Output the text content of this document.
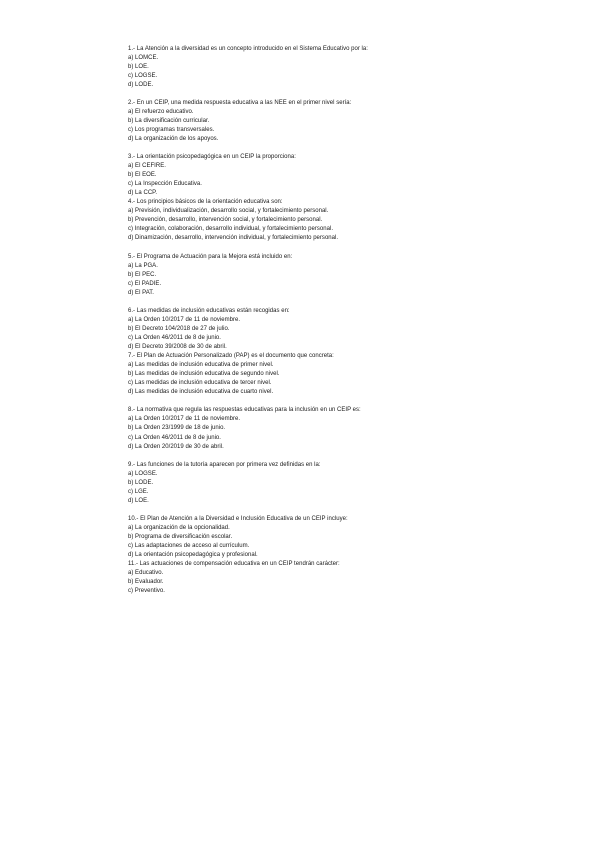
1.- La Atención a la diversidad es un concepto introducido en el Sistema Educativo por la:
a) LOMCE.
b) LOE.
c) LOGSE.
d) LODE.
2.- En un CEIP, una medida respuesta educativa a las NEE en el primer nivel sería:
a) El refuerzo educativo.
b) La diversificación curricular.
c) Los programas transversales.
d) La organización de los apoyos.
3.- La orientación psicopedagógica en un CEIP la proporciona:
a) El CEFIRE.
b) El EOE.
c) La Inspección Educativa.
d) La CCP.
4.- Los principios básicos de la orientación educativa son:
a) Previsión, individualización, desarrollo social, y fortalecimiento personal.
b) Prevención, desarrollo, intervención social, y fortalecimiento personal.
c) Integración, colaboración, desarrollo individual, y fortalecimiento personal.
d) Dinamización, desarrollo, intervención individual, y fortalecimiento personal.
5.- El Programa de Actuación para la Mejora está incluido en:
a) La PGA.
b) El PEC.
c) El PADIE.
d) El PAT.
6.- Las medidas de inclusión educativas están recogidas en:
a) La Orden 10/2017 de 11 de noviembre.
b) El Decreto 104/2018 de 27 de julio.
c) La Orden 46/2011 de 8 de junio.
d) El Decreto 39/2008 de 30 de abril.
7.- El Plan de Actuación Personalizado (PAP) es el documento que concreta:
a) Las medidas de inclusión educativa de primer nivel.
b) Las medidas de inclusión educativa de segundo nivel.
c) Las medidas de inclusión educativa de tercer nivel.
d) Las medidas de inclusión educativa de cuarto nivel.
8.- La normativa que regula las respuestas educativas para la inclusión en un CEIP es:
a) La Orden 10/2017 de 11 de noviembre.
b) La Orden 23/1999 de 18 de junio.
c) La Orden 46/2011 de 8 de junio.
d) La Orden 20/2019 de 30 de abril.
9.- Las funciones de la tutoría aparecen por primera vez definidas en la:
a) LOGSE.
b) LODE.
c) LGE.
d) LOE.
10.- El Plan de Atención a la Diversidad e Inclusión Educativa de un CEIP incluye:
a) La organización de la opcionalidad.
b) Programa de diversificación escolar.
c) Las adaptaciones de acceso al currículum.
d) La orientación psicopedagógica y profesional.
11.- Las actuaciones de compensación educativa en un CEIP tendrán carácter:
a) Educativo.
b) Evaluador.
c) Preventivo.
